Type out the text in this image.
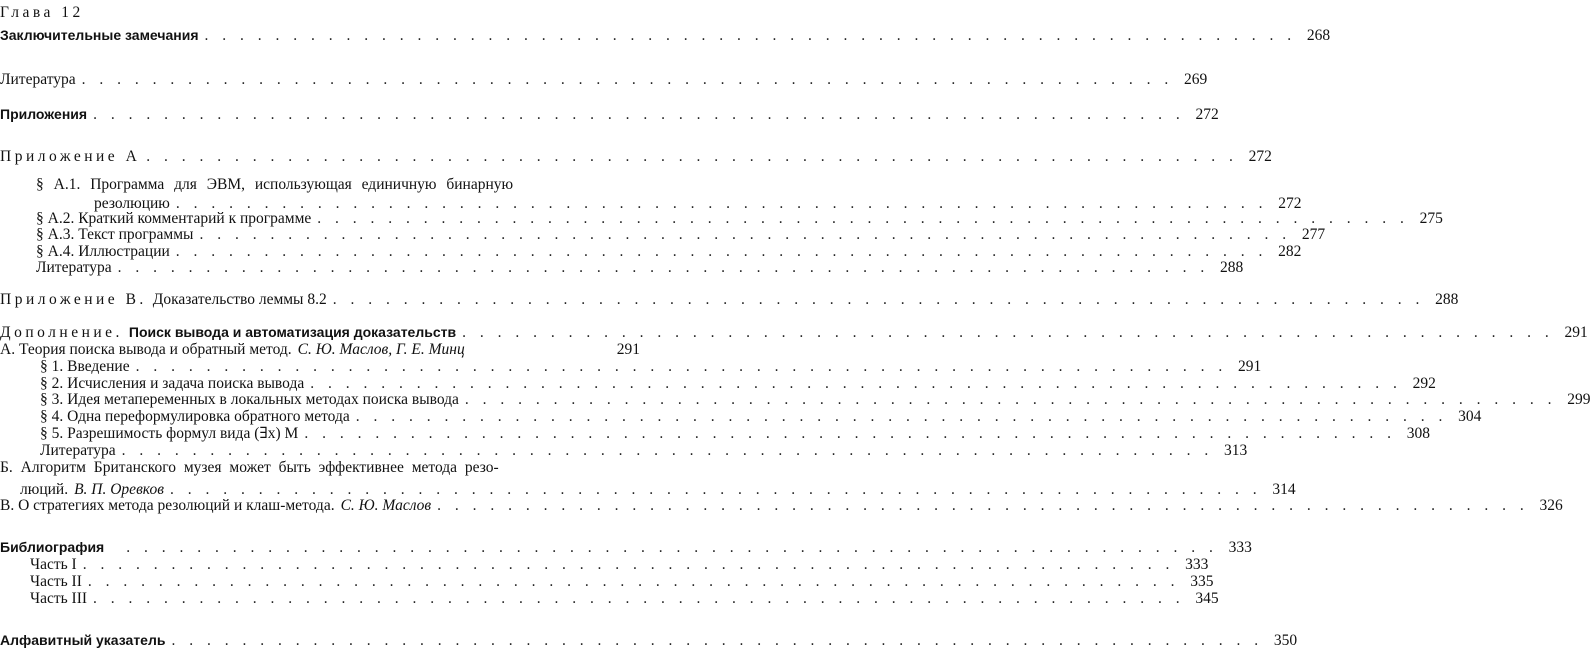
Глава 12
Заключительные замечания . . . . . . . . . . . . . . . . . . . . . . . . . . . . . . . . . . . . . . . . . . . . . . . . . . . . . . . . . . . . . . 268
Литература . . . . . . . . . . . . . . . . . . . . . . . . . . . . . . . . . . . . . . . . . . . . . . . . . . . . . . . . . . . . . . 269
Приложения . . . . . . . . . . . . . . . . . . . . . . . . . . . . . . . . . . . . . . . . . . . . . . . . . . . . . . . . . . . . . . 272
Приложение А . . . . . . . . . . . . . . . . . . . . . . . . . . . . . . . . . . . . . . . . . . . . . . . . . . . . . . . . . . . . . . 272
§ А.1. Программа для ЭВМ, использующая единичную бинарную
резолюцию . . . . . . . . . . . . . . . . . . . . . . . . . . . . . . . . . . . . . . . . . . . . . . . . . . . . . . . . . . . . . . 272
§ А.2. Краткий комментарий к программе . . . . . . . . . . . . . . . . . . . . . . . . . . . . . . . . . . . . . . . . . . . . . . . . . . . . . . . . . . . . . . 275
§ А.3. Текст программы . . . . . . . . . . . . . . . . . . . . . . . . . . . . . . . . . . . . . . . . . . . . . . . . . . . . . . . . . . . . . . 277
§ А.4. Иллюстрации . . . . . . . . . . . . . . . . . . . . . . . . . . . . . . . . . . . . . . . . . . . . . . . . . . . . . . . . . . . . . . 282
Литература . . . . . . . . . . . . . . . . . . . . . . . . . . . . . . . . . . . . . . . . . . . . . . . . . . . . . . . . . . . . . . 288
Приложение В. Доказательство леммы 8.2 . . . . . . . . . . . . . . . . . . . . . . . . . . . . . . . . . . . . . . . . . . . . . . . . . . . . . . . . . . . . . . 288
Дополнение. Поиск вывода и автоматизация доказательств . . . . . . . . . . . . . . . . . . . . . . . . . . . . . . . . . . . . . . . . . . . . . . . . . . . . . . . . . . . . . . 291
А. Теория поиска вывода и обратный метод. С. Ю. Маслов, Г. Е. Минц	291
§ 1. Введение . . . . . . . . . . . . . . . . . . . . . . . . . . . . . . . . . . . . . . . . . . . . . . . . . . . . . . . . . . . . . . 291
§ 2. Исчисления и задача поиска вывода . . . . . . . . . . . . . . . . . . . . . . . . . . . . . . . . . . . . . . . . . . . . . . . . . . . . . . . . . . . . . . 292
§ 3. Идея метапеременных в локальных методах поиска вывода . . . . . . . . . . . . . . . . . . . . . . . . . . . . . . . . . . . . . . . . . . . . . . . . . . . . . . . . . . . . . . 299
§ 4. Одна переформулировка обратного метода . . . . . . . . . . . . . . . . . . . . . . . . . . . . . . . . . . . . . . . . . . . . . . . . . . . . . . . . . . . . . . 304
§ 5. Разрешимость формул вида (∃x) M . . . . . . . . . . . . . . . . . . . . . . . . . . . . . . . . . . . . . . . . . . . . . . . . . . . . . . . . . . . . . . 308
Литература . . . . . . . . . . . . . . . . . . . . . . . . . . . . . . . . . . . . . . . . . . . . . . . . . . . . . . . . . . . . . . 313
Б. Алгоритм Британского музея может быть эффективнее метода резо-
люций. В. П. Оревков . . . . . . . . . . . . . . . . . . . . . . . . . . . . . . . . . . . . . . . . . . . . . . . . . . . . . . . . . . . . . . 314
В. О стратегиях метода резолюций и клаш-метода. С. Ю. Маслов . . . . . . . . . . . . . . . . . . . . . . . . . . . . . . . . . . . . . . . . . . . . . . . . . . . . . . . . . . . . . . 326
Библиография . . . . . . . . . . . . . . . . . . . . . . . . . . . . . . . . . . . . . . . . . . . . . . . . . . . . . . . . . . . . . . 333
Часть I . . . . . . . . . . . . . . . . . . . . . . . . . . . . . . . . . . . . . . . . . . . . . . . . . . . . . . . . . . . . . . 333
Часть II . . . . . . . . . . . . . . . . . . . . . . . . . . . . . . . . . . . . . . . . . . . . . . . . . . . . . . . . . . . . . . 335
Часть III . . . . . . . . . . . . . . . . . . . . . . . . . . . . . . . . . . . . . . . . . . . . . . . . . . . . . . . . . . . . . . 345
Алфавитный указатель . . . . . . . . . . . . . . . . . . . . . . . . . . . . . . . . . . . . . . . . . . . . . . . . . . . . . . . . . . . . . . 350
